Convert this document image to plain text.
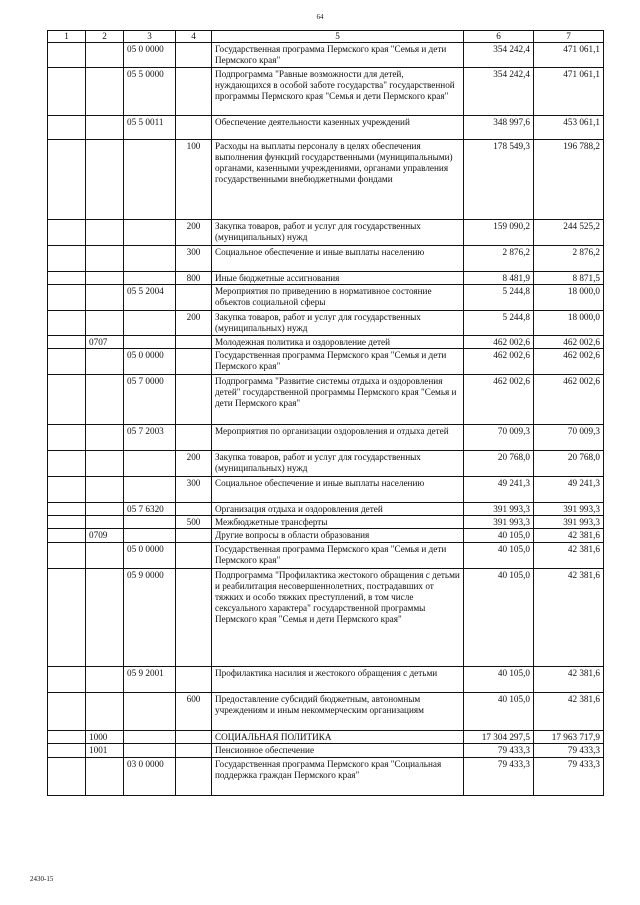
64
1	2	3	4	5	6	7
		05 0 0000		Государственная программа Пермского края "Семья и дети Пермского края"	354 242,4	471 061,1
		05 5 0000		Подпрограмма "Равные возможности для детей, нуждающихся в особой заботе государства" государственной программы Пермского края "Семья и дети Пермского края"	354 242,4	471 061,1
		05 5 0011		Обеспечение деятельности казенных учреждений	348 997,6	453 061,1
			100	Расходы на выплаты персоналу в целях обеспечения выполнения функций государственными (муниципальными) органами, казенными учреждениями, органами управления государственными внебюджетными фондами	178 549,3	196 788,2
			200	Закупка товаров, работ и услуг для государственных (муниципальных) нужд	159 090,2	244 525,2
			300	Социальное обеспечение и иные выплаты населению	2 876,2	2 876,2
			800	Иные бюджетные ассигнования	8 481,9	8 871,5
		05 5 2004		Мероприятия по приведению в нормативное состояние объектов социальной сферы	5 244,8	18 000,0
			200	Закупка товаров, работ и услуг для государственных (муниципальных) нужд	5 244,8	18 000,0
	0707			Молодежная политика и оздоровление детей	462 002,6	462 002,6
		05 0 0000		Государственная программа Пермского края "Семья и дети Пермского края"	462 002,6	462 002,6
		05 7 0000		Подпрограмма "Развитие системы отдыха и оздоровления детей" государственной программы Пермского края "Семья и дети Пермского края"	462 002,6	462 002,6
		05 7 2003		Мероприятия по организации оздоровления и отдыха детей	70 009,3	70 009,3
			200	Закупка товаров, работ и услуг для государственных (муниципальных) нужд	20 768,0	20 768,0
			300	Социальное обеспечение и иные выплаты населению	49 241,3	49 241,3
		05 7 6320		Организация отдыха и оздоровления детей	391 993,3	391 993,3
			500	Межбюджетные трансферты	391 993,3	391 993,3
	0709			Другие вопросы в области образования	40 105,0	42 381,6
		05 0 0000		Государственная программа Пермского края "Семья и дети Пермского края"	40 105,0	42 381,6
		05 9 0000		Подпрограмма "Профилактика жестокого обращения с детьми и реабилитация несовершеннолетних, пострадавших от тяжких и особо тяжких преступлений, в том числе сексуального характера" государственной программы Пермского края "Семья и дети Пермского края"	40 105,0	42 381,6
		05 9 2001		Профилактика насилия и жестокого обращения с детьми	40 105,0	42 381,6
			600	Предоставление субсидий бюджетным, автономным учреждениям и иным некоммерческим организациям	40 105,0	42 381,6
	1000			СОЦИАЛЬНАЯ ПОЛИТИКА	17 304 297,5	17 963 717,9
	1001			Пенсионное обеспечение	79 433,3	79 433,3
		03 0 0000		Государственная программа Пермского края "Социальная поддержка граждан Пермского края"	79 433,3	79 433,3
2430-15
